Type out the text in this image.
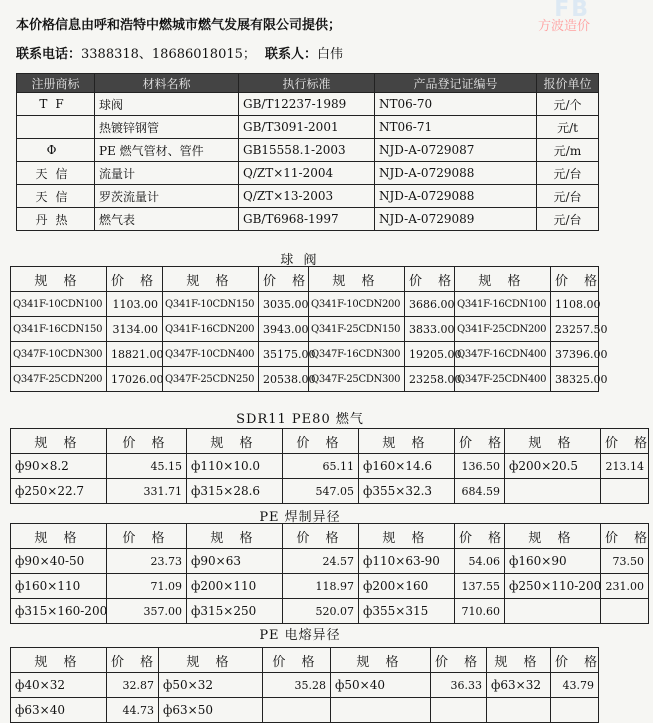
本价格信息由呼和浩特中燃城市燃气发展有限公司提供；
联系电话：3388318、18686018015； 联系人：白伟
FB
方波造价
注册商标	材料名称	执行标准	产品登记证编号	报价单位
TF	球阀	GB/T12237-1989	NT06-70	元/个
	热镀锌钢管	GB/T3091-2001	NT06-71	元/t
Φ	PE 燃气管材、管件	GB15558.1-2003	NJD-A-0729087	元/m
天信	流量计	Q/ZT×11-2004	NJD-A-0729088	元/台
天信	罗茨流量计	Q/ZT×13-2003	NJD-A-0729088	元/台
丹热	燃气表	GB/T6968-1997	NJD-A-0729089	元/台
球 阀
规 格	价 格	规 格	价 格	规 格	价 格	规 格	价 格
Q341F-10CDN100	1103.00	Q341F-10CDN150	3035.00	Q341F-10CDN200	3686.00	Q341F-16CDN100	1108.00
Q341F-16CDN150	3134.00	Q341F-16CDN200	3943.00	Q341F-25CDN150	3833.00	Q341F-25CDN200	23257.50
Q347F-10CDN300	18821.00	Q347F-10CDN400	35175.00	Q347F-16CDN300	19205.00	Q347F-16CDN400	37396.00
Q347F-25CDN200	17026.00	Q347F-25CDN250	20538.00	Q347F-25CDN300	23258.00	Q347F-25CDN400	38325.00
SDR11 PE80 燃气
规 格	价 格	规 格	价 格	规 格	价 格	规 格	价 格
ф90×8.2	45.15	ф110×10.0	65.11	ф160×14.6	136.50	ф200×20.5	213.14
ф250×22.7	331.71	ф315×28.6	547.05	ф355×32.3	684.59		
PE 焊制异径
规 格	价 格	规 格	价 格	规 格	价 格	规 格	价 格
ф90×40-50	23.73	ф90×63	24.57	ф110×63-90	54.06	ф160×90	73.50
ф160×110	71.09	ф200×110	118.97	ф200×160	137.55	ф250×110-200	231.00
ф315×160-200	357.00	ф315×250	520.07	ф355×315	710.60		
PE 电熔异径
规 格	价 格	规 格	价 格	规 格	价 格	规 格	价 格
ф40×32	32.87	ф50×32	35.28	ф50×40	36.33	ф63×32	43.79
ф63×40	44.73	ф63×50					
